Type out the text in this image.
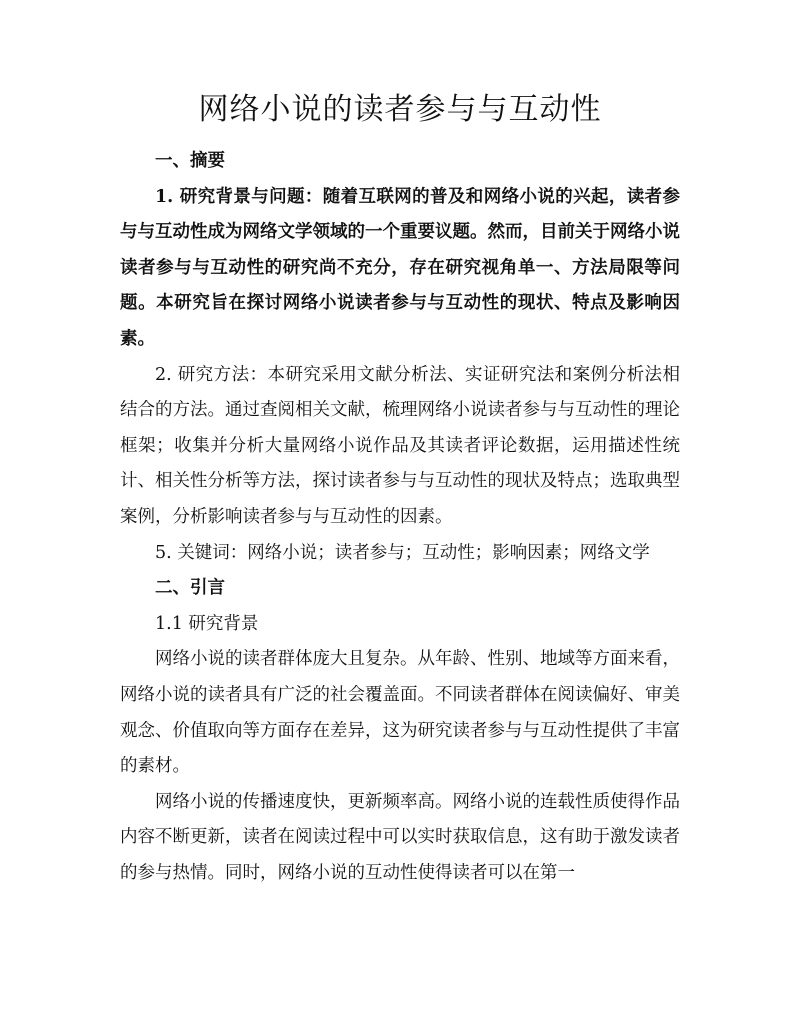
网络小说的读者参与与互动性

一、摘要

1. 研究背景与问题：随着互联网的普及和网络小说的兴起，读者参与与互动性成为网络文学领域的一个重要议题。然而，目前关于网络小说读者参与与互动性的研究尚不充分，存在研究视角单一、方法局限等问题。本研究旨在探讨网络小说读者参与与互动性的现状、特点及影响因素。

2. 研究方法：本研究采用文献分析法、实证研究法和案例分析法相结合的方法。通过查阅相关文献，梳理网络小说读者参与与互动性的理论框架；收集并分析大量网络小说作品及其读者评论数据，运用描述性统计、相关性分析等方法，探讨读者参与与互动性的现状及特点；选取典型案例，分析影响读者参与与互动性的因素。

5. 关键词：网络小说；读者参与；互动性；影响因素；网络文学

二、引言

1.1 研究背景

网络小说的读者群体庞大且复杂。从年龄、性别、地域等方面来看，网络小说的读者具有广泛的社会覆盖面。不同读者群体在阅读偏好、审美观念、价值取向等方面存在差异，这为研究读者参与与互动性提供了丰富的素材。

网络小说的传播速度快，更新频率高。网络小说的连载性质使得作品内容不断更新，读者在阅读过程中可以实时获取信息，这有助于激发读者的参与热情。同时，网络小说的互动性使得读者可以在第一
